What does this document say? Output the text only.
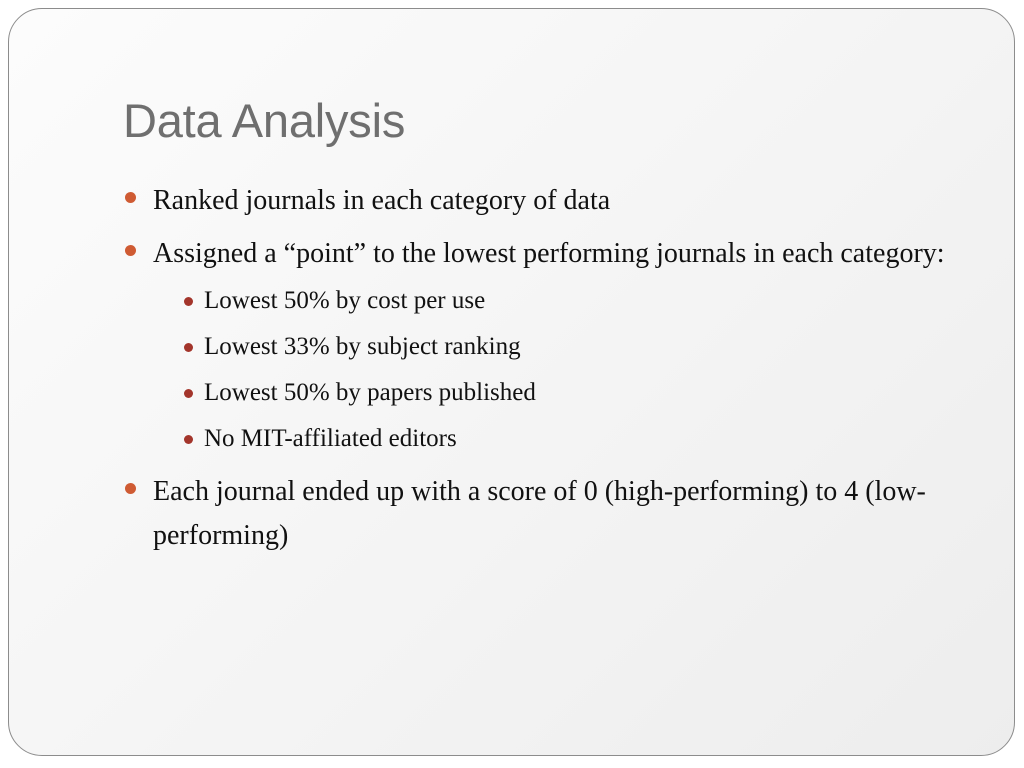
Data Analysis
Ranked journals in each category of data
Assigned a “point” to the lowest performing journals in each category:
Lowest 50% by cost per use
Lowest 33% by subject ranking
Lowest 50% by papers published
No MIT-affiliated editors
Each journal ended up with a score of 0 (high-performing) to 4 (low-performing)
